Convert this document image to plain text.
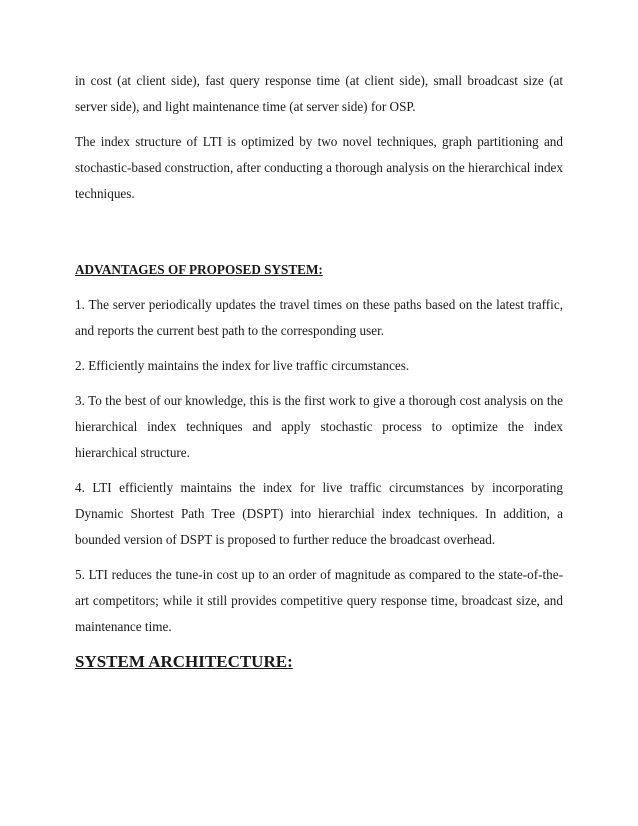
in cost (at client side), fast query response time (at client side), small broadcast size (at server side), and light maintenance time (at server side) for OSP.

The index structure of LTI is optimized by two novel techniques, graph partitioning and stochastic-based construction, after conducting a thorough analysis on the hierarchical index techniques.

ADVANTAGES OF PROPOSED SYSTEM:

1. The server periodically updates the travel times on these paths based on the latest traffic, and reports the current best path to the corresponding user.

2. Efficiently maintains the index for live traffic circumstances.

3. To the best of our knowledge, this is the first work to give a thorough cost analysis on the hierarchical index techniques and apply stochastic process to optimize the index hierarchical structure.

4. LTI efficiently maintains the index for live traffic circumstances by incorporating Dynamic Shortest Path Tree (DSPT) into hierarchial index techniques. In addition, a bounded version of DSPT is proposed to further reduce the broadcast overhead.

5. LTI reduces the tune-in cost up to an order of magnitude as compared to the state-of-the-art competitors; while it still provides competitive query response time, broadcast size, and maintenance time.

SYSTEM ARCHITECTURE:
